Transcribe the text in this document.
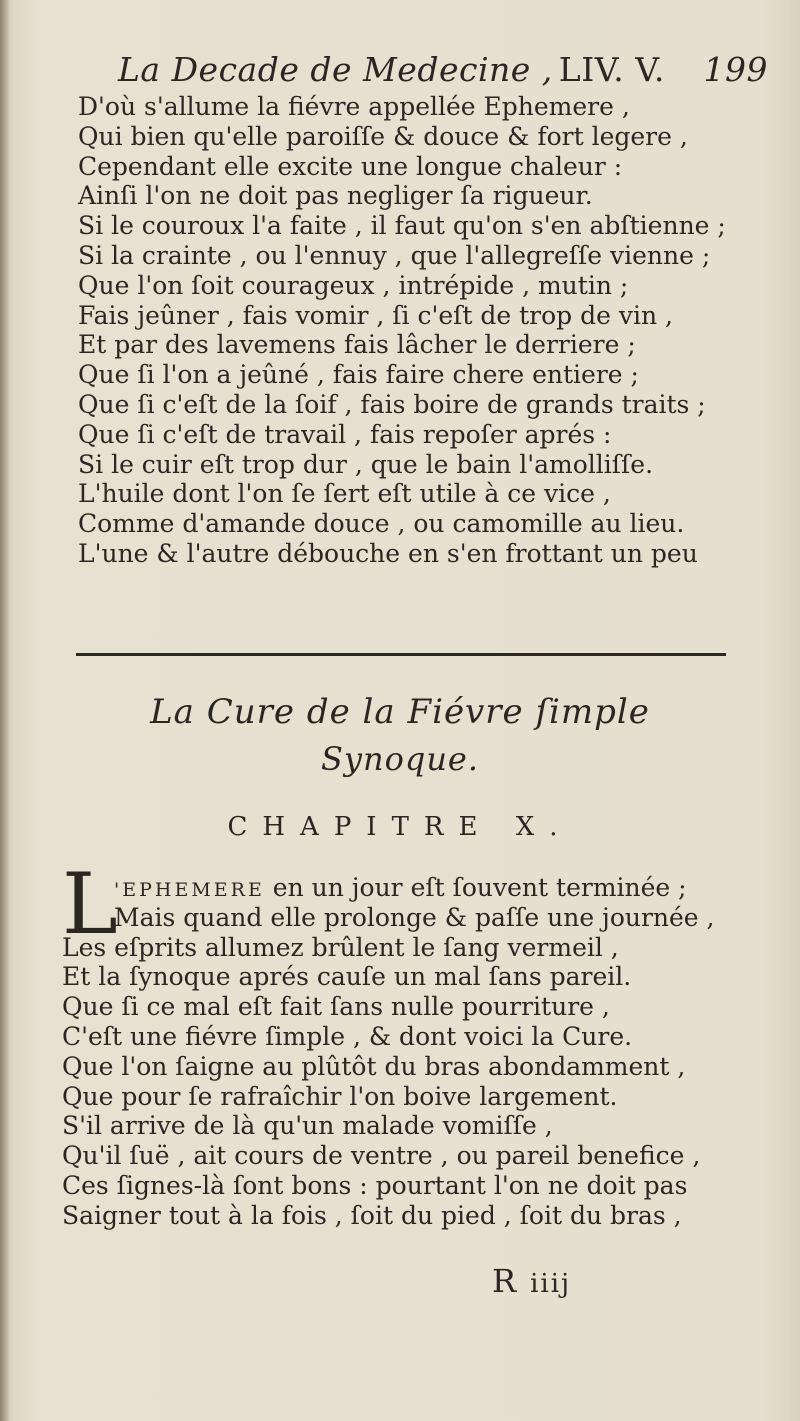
La Decade de Medecine , LIV. V. 199
D'où s'allume la fiévre appellée Ephemere ,
Qui bien qu'elle paroiſſe & douce & fort legere ,
Cependant elle excite une longue chaleur :
Ainſi l'on ne doit pas negliger ſa rigueur.
Si le couroux l'a faite , il faut qu'on s'en abſtienne ;
Si la crainte , ou l'ennuy , que l'allegreſſe vienne ;
Que l'on ſoit courageux , intrépide , mutin ;
Fais jeûner , fais vomir , ſi c'eſt de trop de vin ,
Et par des lavemens fais lâcher le derriere ;
Que ſi l'on a jeûné , fais faire chere entiere ;
Que ſi c'eſt de la ſoif , fais boire de grands traits ;
Que ſi c'eſt de travail , fais repoſer aprés :
Si le cuir eſt trop dur , que le bain l'amolliſſe.
L'huile dont l'on ſe ſert eſt utile à ce vice ,
Comme d'amande douce , ou camomille au lieu.
L'une & l'autre débouche en s'en frottant un peu
La Cure de la Fiévre ſimple
Synoque.
CHAPITRE X.
L
'EPHEMERE en un jour eſt ſouvent terminée ;
Mais quand elle prolonge & paſſe une journée ,
Les eſprits allumez brûlent le ſang vermeil ,
Et la ſynoque aprés cauſe un mal ſans pareil.
Que ſi ce mal eſt fait ſans nulle pourriture ,
C'eſt une fiévre ſimple , & dont voici la Cure.
Que l'on ſaigne au plûtôt du bras abondamment ,
Que pour ſe rafraîchir l'on boive largement.
S'il arrive de là qu'un malade vomiſſe ,
Qu'il ſuë , ait cours de ventre , ou pareil benefice ,
Ces ſignes-là ſont bons : pourtant l'on ne doit pas
Saigner tout à la fois , ſoit du pied , ſoit du bras ,
R iiij
